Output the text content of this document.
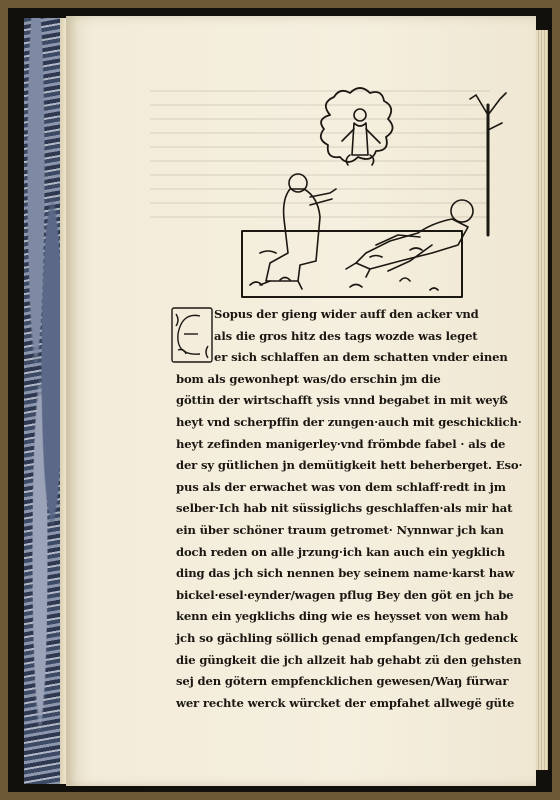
Sopus der gieng wider auff den acker vnd
als die gros hitz des tags wozde was leget
er sich schlaffen an dem schatten vnder einen
bom als gewonhept was/do erschin jm die
göttin der wirtschafft ysis vnnd begabet in mit weyß
heyt vnd scherpffin der zungen·auch mit geschicklich·
heyt zefinden manigerley·vnd frömbde fabel · als de
der sy gütlichen jn demütigkeit hett beherberget. Eso·
pus als der erwachet was von dem schlaff·redt in jm
selber·Ich hab nit süssiglichs geschlaffen·als mir hat
ein über schöner traum getromet· Nynnwar jch kan
doch reden on alle jrzung·ich kan auch ein yegklich
ding das jch sich nennen bey seinem name·karst haw
bickel·esel·eynder/wagen pflug Bey den göt en jch be
kenn ein yegklichs ding wie es heysset von wem hab
jch so gächling söllich genad empfangen/Ich gedenck
die güngkeit die jch allzeit hab gehabt zü den gehsten
sej den götern empfencklichen gewesen/Waŋ fürwar
wer rechte werck würcket der empfahet allwegë güte
